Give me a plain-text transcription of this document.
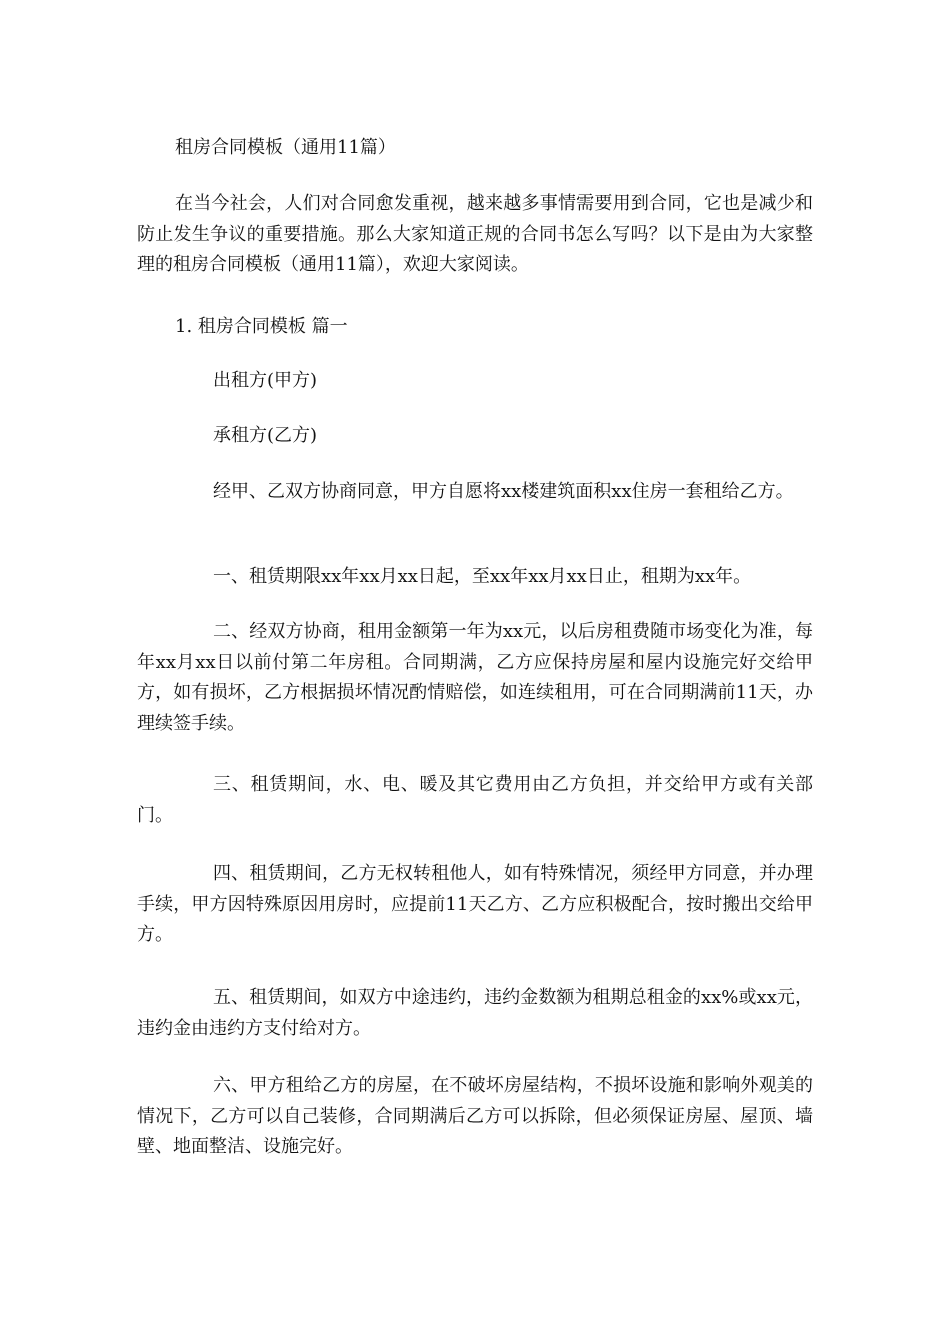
租房合同模板（通用11篇）

在当今社会，人们对合同愈发重视，越来越多事情需要用到合同，它也是减少和防止发生争议的重要措施。那么大家知道正规的合同书怎么写吗？以下是由为大家整理的租房合同模板（通用11篇），欢迎大家阅读。

1. 租房合同模板 篇一
出租方(甲方)
承租方(乙方)

经甲、乙双方协商同意，甲方自愿将xx楼建筑面积xx住房一套租给乙方。

一、租赁期限xx年xx月xx日起，至xx年xx月xx日止，租期为xx年。

二、经双方协商，租用金额第一年为xx元，以后房租费随市场变化为准，每年xx月xx日以前付第二年房租。合同期满，乙方应保持房屋和屋内设施完好交给甲方，如有损坏，乙方根据损坏情况酌情赔偿，如连续租用，可在合同期满前11天，办理续签手续。

三、租赁期间，水、电、暖及其它费用由乙方负担，并交给甲方或有关部门。

四、租赁期间，乙方无权转租他人，如有特殊情况，须经甲方同意，并办理手续，甲方因特殊原因用房时，应提前11天乙方、乙方应积极配合，按时搬出交给甲方。

五、租赁期间，如双方中途违约，违约金数额为租期总租金的xx%或xx元，违约金由违约方支付给对方。

六、甲方租给乙方的房屋，在不破坏房屋结构，不损坏设施和影响外观美的情况下，乙方可以自己装修，合同期满后乙方可以拆除，但必须保证房屋、屋顶、墙壁、地面整洁、设施完好。
